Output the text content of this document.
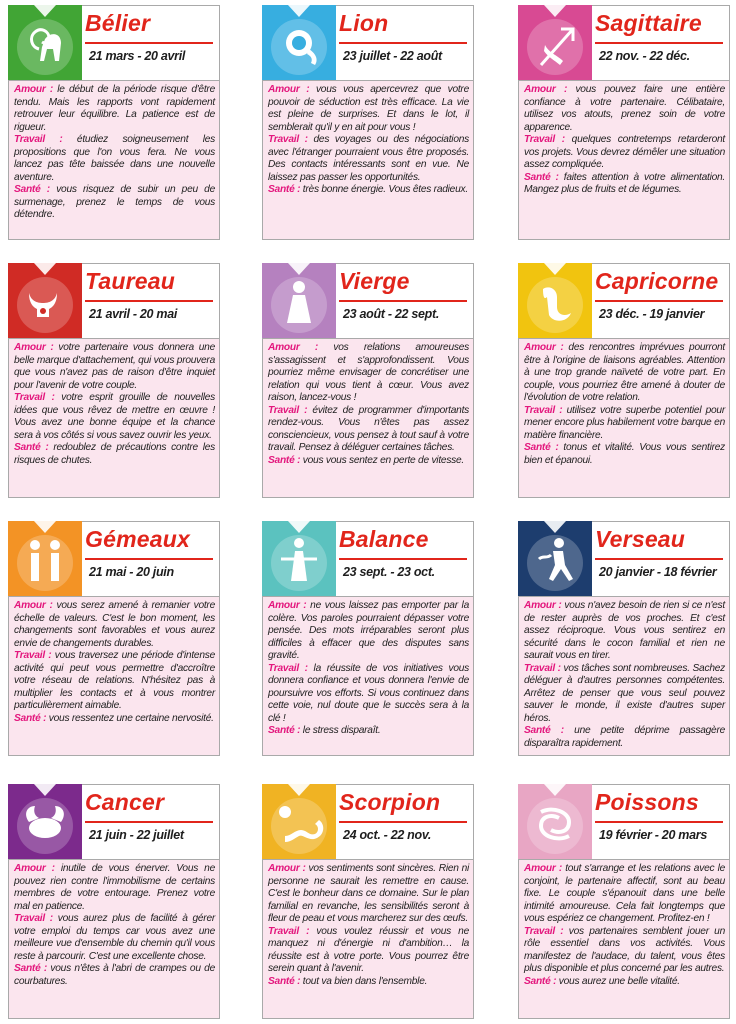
Bélier
21 mars - 20 avril

Amour : le début de la période risque d'être tendu. Mais les rapports vont rapidement retrouver leur équilibre. La patience est de rigueur.

Travail : étudiez soigneusement les propositions que l'on vous fera. Ne vous lancez pas tête baissée dans une nouvelle aventure.

Santé : vous risquez de subir un peu de surmenage, prenez le temps de vous détendre.

Lion
23 juillet - 22 août

Amour : vous vous apercevrez que votre pouvoir de séduction est très efficace. La vie est pleine de surprises. Et dans le lot, il semblerait qu'il y en ait pour vous !

Travail : des voyages ou des négociations avec l'étranger pourraient vous être proposés. Des contacts intéressants sont en vue. Ne laissez pas passer les opportunités.

Santé : très bonne énergie. Vous êtes radieux.

Sagittaire
22 nov. - 22 déc.

Amour : vous pouvez faire une entière confiance à votre partenaire. Célibataire, utilisez vos atouts, prenez soin de votre apparence.

Travail : quelques contretemps retarderont vos projets. Vous devrez démêler une situation assez compliquée.

Santé : faites attention à votre alimentation. Mangez plus de fruits et de légumes.

Taureau
21 avril - 20 mai

Amour : votre partenaire vous donnera une belle marque d'attachement, qui vous prouvera que vous n'avez pas de raison d'être inquiet pour l'avenir de votre couple.

Travail : votre esprit grouille de nouvelles idées que vous rêvez de mettre en œuvre ! Vous avez une bonne équipe et la chance sera à vos côtés si vous savez ouvrir les yeux.

Santé : redoublez de précautions contre les risques de chutes.

Vierge
23 août - 22 sept.

Amour : vos relations amoureuses s'assagissent et s'approfondissent. Vous pourriez même envisager de concrétiser une relation qui vous tient à cœur. Vous avez raison, lancez-vous !

Travail : évitez de programmer d'importants rendez-vous. Vous n'êtes pas assez consciencieux, vous pensez à tout sauf à votre travail. Pensez à déléguer certaines tâches.

Santé : vous vous sentez en perte de vitesse.

Capricorne
23 déc. - 19 janvier

Amour : des rencontres imprévues pourront être à l'origine de liaisons agréables. Attention à une trop grande naïveté de votre part. En couple, vous pourriez être amené à douter de l'évolution de votre relation.

Travail : utilisez votre superbe potentiel pour mener encore plus habilement votre barque en matière financière.

Santé : tonus et vitalité. Vous vous sentirez bien et épanoui.

Gémeaux
21 mai - 20 juin

Amour : vous serez amené à remanier votre échelle de valeurs. C'est le bon moment, les changements sont favorables et vous aurez envie de changements durables.

Travail : vous traversez une période d'intense activité qui peut vous permettre d'accroître votre réseau de relations. N'hésitez pas à multiplier les contacts et à vous montrer particulièrement aimable.

Santé : vous ressentez une certaine nervosité.

Balance
23 sept. - 23 oct.

Amour : ne vous laissez pas emporter par la colère. Vos paroles pourraient dépasser votre pensée. Des mots irréparables seront plus difficiles à effacer que des disputes sans gravité.

Travail : la réussite de vos initiatives vous donnera confiance et vous donnera l'envie de poursuivre vos efforts. Si vous continuez dans cette voie, nul doute que le succès sera à la clé !

Santé : le stress disparaît.

Verseau
20 janvier - 18 février

Amour : vous n'avez besoin de rien si ce n'est de rester auprès de vos proches. Et c'est assez réciproque. Vous vous sentirez en sécurité dans le cocon familial et rien ne saurait vous en tirer.

Travail : vos tâches sont nombreuses. Sachez déléguer à d'autres personnes compétentes. Arrêtez de penser que vous seul pouvez sauver le monde, il existe d'autres super héros.

Santé : une petite déprime passagère disparaîtra rapidement.

Cancer
21 juin - 22 juillet

Amour : inutile de vous énerver. Vous ne pouvez rien contre l'immobilisme de certains membres de votre entourage. Prenez votre mal en patience.

Travail : vous aurez plus de facilité à gérer votre emploi du temps car vous avez une meilleure vue d'ensemble du chemin qu'il vous reste à parcourir. C'est une excellente chose.

Santé : vous n'êtes à l'abri de crampes ou de courbatures.

Scorpion
24 oct. - 22 nov.

Amour : vos sentiments sont sincères. Rien ni personne ne saurait les remettre en cause. C'est le bonheur dans ce domaine. Sur le plan familial en revanche, les sensibilités seront à fleur de peau et vous marcherez sur des œufs.

Travail : vous voulez réussir et vous ne manquez ni d'énergie ni d'ambition… la réussite est à votre porte. Vous pourrez être serein quant à l'avenir.

Santé : tout va bien dans l'ensemble.

Poissons
19 février - 20 mars

Amour : tout s'arrange et les relations avec le conjoint, le partenaire affectif, sont au beau fixe. Le couple s'épanouit dans une belle intimité amoureuse. Cela fait longtemps que vous espériez ce changement. Profitez-en !

Travail : vos partenaires semblent jouer un rôle essentiel dans vos activités. Vous manifestez de l'audace, du talent, vous êtes plus disponible et plus concerné par les autres.

Santé : vous aurez une belle vitalité.
